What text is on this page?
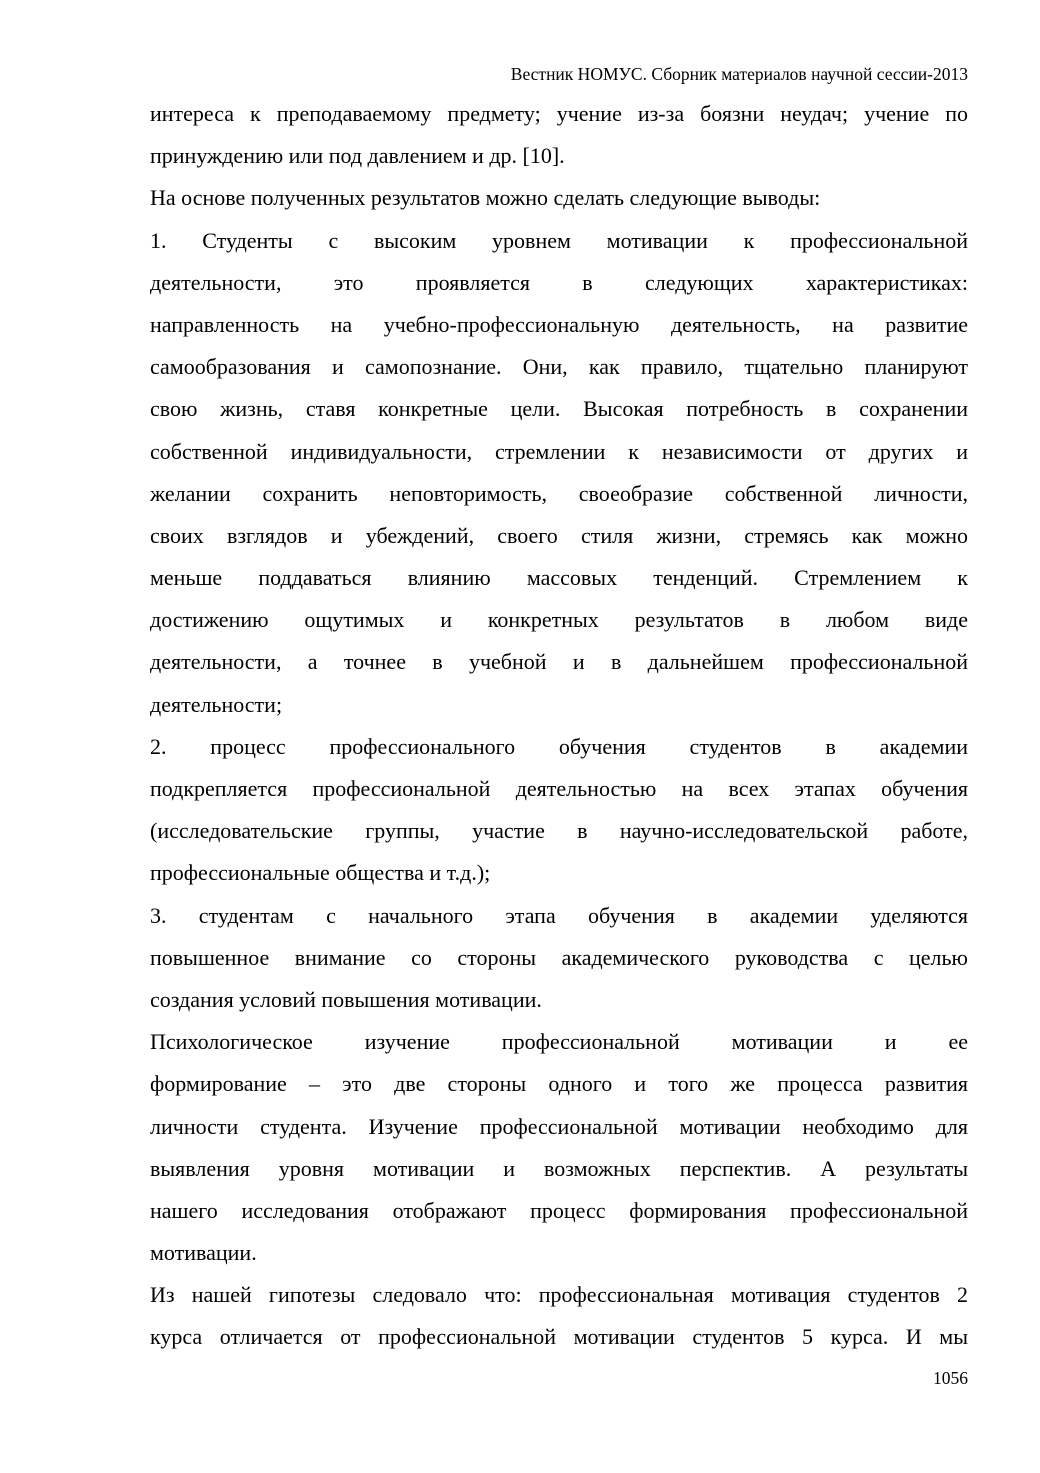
Вестник НОМУС. Сборник материалов научной сессии-2013
интереса к преподаваемому предмету; учение из-за боязни неудач; учение по
принуждению или под давлением и др. [10].
На основе полученных результатов можно сделать следующие выводы:
1. Студенты с высоким уровнем мотивации к профессиональной
деятельности, это проявляется в следующих характеристиках:
направленность на учебно-профессиональную деятельность, на развитие
самообразования и самопознание. Они, как правило, тщательно планируют
свою жизнь, ставя конкретные цели. Высокая потребность в сохранении
собственной индивидуальности, стремлении к независимости от других и
желании сохранить неповторимость, своеобразие собственной личности,
своих взглядов и убеждений, своего стиля жизни, стремясь как можно
меньше поддаваться влиянию массовых тенденций. Стремлением к
достижению ощутимых и конкретных результатов в любом виде
деятельности, а точнее в учебной и в дальнейшем профессиональной
деятельности;
2. процесс профессионального обучения студентов в академии
подкрепляется профессиональной деятельностью на всех этапах обучения
(исследовательские группы, участие в научно-исследовательской работе,
профессиональные общества и т.д.);
3. студентам с начального этапа обучения в академии уделяются
повышенное внимание со стороны академического руководства с целью
создания условий повышения мотивации.
Психологическое изучение профессиональной мотивации и ее
формирование – это две стороны одного и того же процесса развития
личности студента. Изучение профессиональной мотивации необходимо для
выявления уровня мотивации и возможных перспектив. А результаты
нашего исследования отображают процесс формирования профессиональной
мотивации.
Из нашей гипотезы следовало что: профессиональная мотивация студентов 2
курса отличается от профессиональной мотивации студентов 5 курса. И мы
1056
